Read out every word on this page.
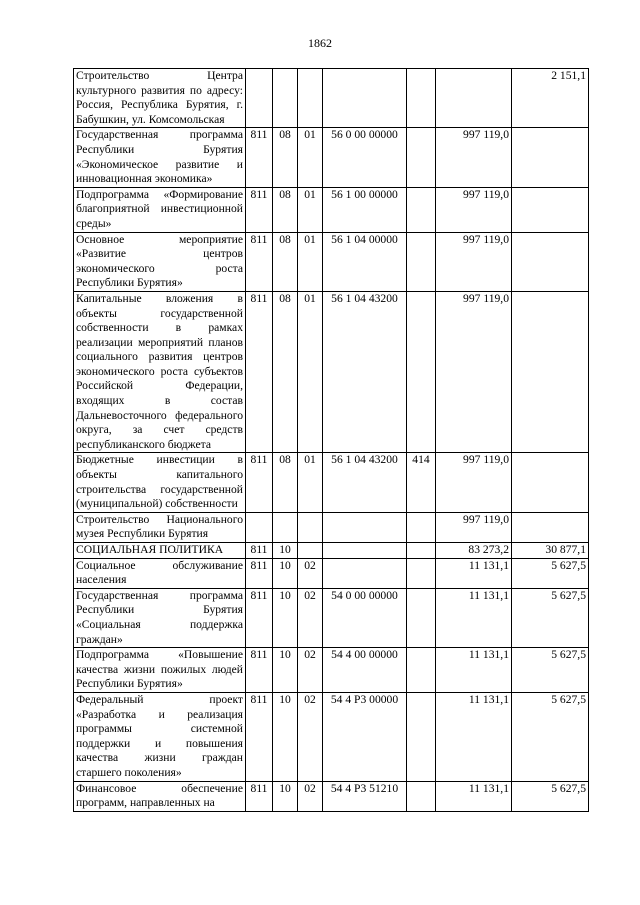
1862
Строительство Центра культурного развития по адресу: Россия, Республика Бурятия, г. Бабушкин, ул. Комсомольская							2 151,1
Государственная программа Республики Бурятия «Экономическое развитие и инновационная экономика»	811	08	01	56 0 00 00000		997 119,0	
Подпрограмма «Формирование благоприятной инвестиционной среды»	811	08	01	56 1 00 00000		997 119,0	
Основное мероприятие «Развитие центров экономического роста Республики Бурятия»	811	08	01	56 1 04 00000		997 119,0	
Капитальные вложения в объекты государственной собственности в рамках реализации мероприятий планов социального развития центров экономического роста субъектов Российской Федерации, входящих в состав Дальневосточного федерального округа, за счет средств республиканского бюджета	811	08	01	56 1 04 43200		997 119,0	
Бюджетные инвестиции в объекты капитального строительства государственной (муниципальной) собственности	811	08	01	56 1 04 43200	414	997 119,0	
Строительство Национального музея Республики Бурятия						997 119,0	
СОЦИАЛЬНАЯ ПОЛИТИКА	811	10				83 273,2	30 877,1
Социальное обслуживание населения	811	10	02			11 131,1	5 627,5
Государственная программа Республики Бурятия «Социальная поддержка граждан»	811	10	02	54 0 00 00000		11 131,1	5 627,5
Подпрограмма «Повышение качества жизни пожилых людей Республики Бурятия»	811	10	02	54 4 00 00000		11 131,1	5 627,5
Федеральный проект «Разработка и реализация программы системной поддержки и повышения качества жизни граждан старшего поколения»	811	10	02	54 4 P3 00000		11 131,1	5 627,5
Финансовое обеспечение программ, направленных на	811	10	02	54 4 P3 51210		11 131,1	5 627,5
